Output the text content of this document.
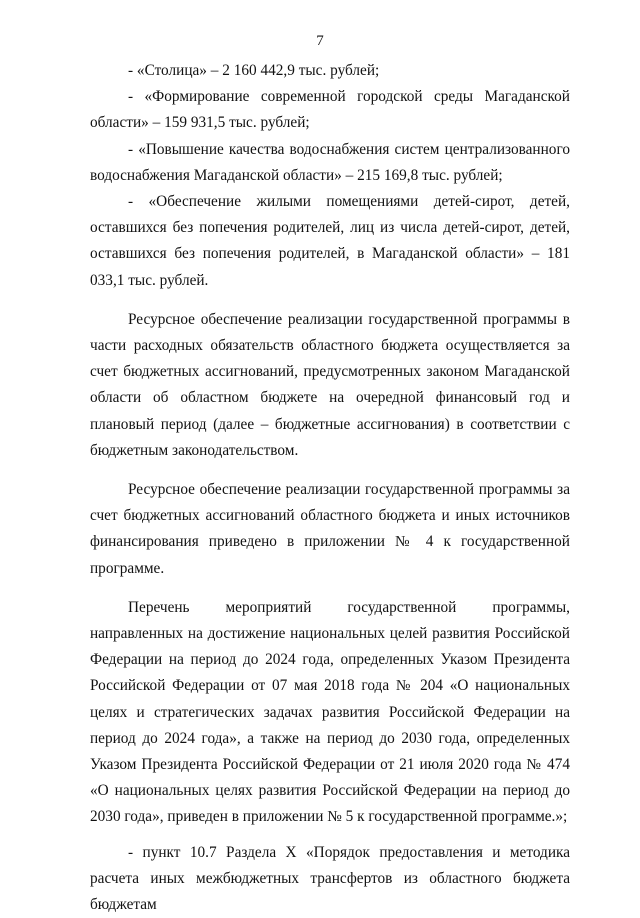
7

- «Столица» – 2 160 442,9 тыс. рублей;

- «Формирование современной городской среды Магаданской области» – 159 931,5 тыс. рублей;

- «Повышение качества водоснабжения систем централизованного водоснабжения Магаданской области» – 215 169,8 тыс. рублей;

- «Обеспечение жилыми помещениями детей-сирот, детей, оставшихся без попечения родителей, лиц из числа детей-сирот, детей, оставшихся без попечения родителей, в Магаданской области» – 181 033,1 тыс. рублей.

Ресурсное обеспечение реализации государственной программы в части расходных обязательств областного бюджета осуществляется за счет бюджетных ассигнований, предусмотренных законом Магаданской области об областном бюджете на очередной финансовый год и плановый период (далее – бюджетные ассигнования) в соответствии с бюджетным законодательством.

Ресурсное обеспечение реализации государственной программы за счет бюджетных ассигнований областного бюджета и иных источников финансирования приведено в приложении № 4 к государственной программе.

Перечень мероприятий государственной программы, направленных на достижение национальных целей развития Российской Федерации на период до 2024 года, определенных Указом Президента Российской Федерации от 07 мая 2018 года № 204 «О национальных целях и стратегических задачах развития Российской Федерации на период до 2024 года», а также на период до 2030 года, определенных Указом Президента Российской Федерации от 21 июля 2020 года № 474 «О национальных целях развития Российской Федерации на период до 2030 года», приведен в приложении № 5 к государственной программе.»;

- пункт 10.7 Раздела X «Порядок предоставления и методика расчета иных межбюджетных трансфертов из областного бюджета бюджетам
